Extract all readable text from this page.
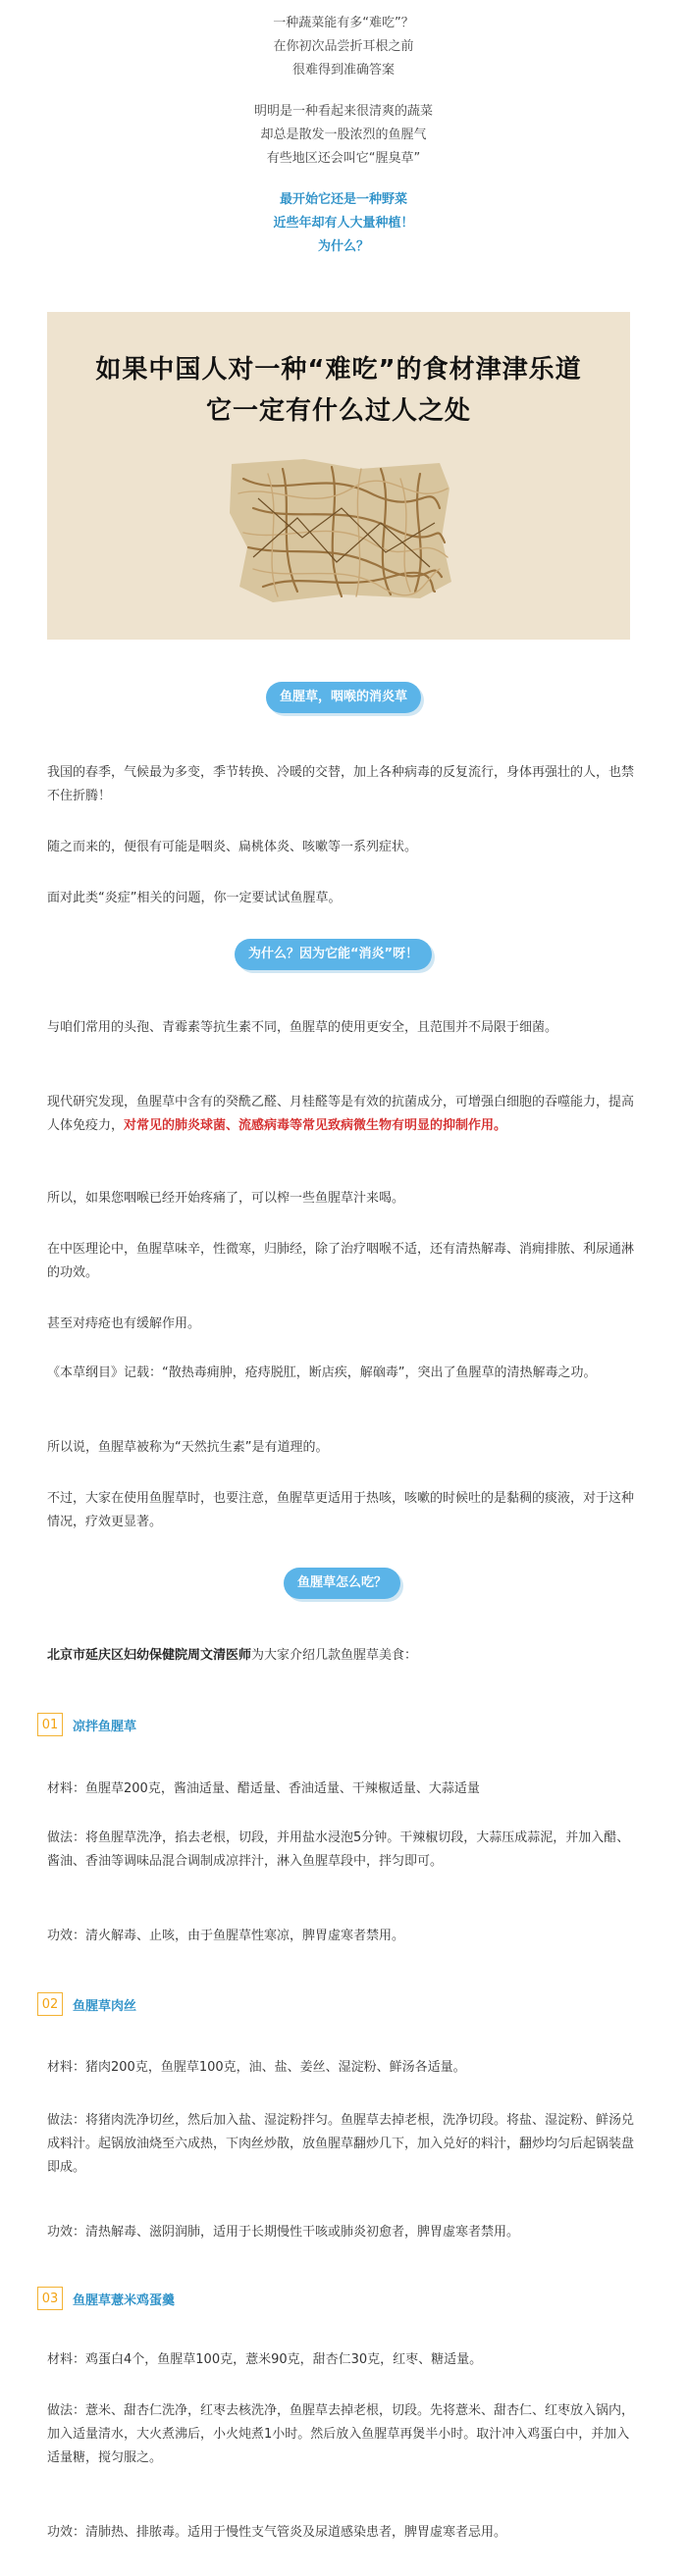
一种蔬菜能有多“难吃”？

在你初次品尝折耳根之前

很难得到准确答案

明明是一种看起来很清爽的蔬菜

却总是散发一股浓烈的鱼腥气

有些地区还会叫它“腥臭草”

最开始它还是一种野菜

近些年却有人大量种植！

为什么？

如果中国人对一种“难吃”的食材津津乐道
它一定有什么过人之处
鱼腥草，咽喉的消炎草
我国的春季，气候最为多变，季节转换、冷暖的交替，加上各种病毒的反复流行，身体再强壮的人，也禁不住折腾！
随之而来的，便很有可能是咽炎、扁桃体炎、咳嗽等一系列症状。
面对此类“炎症”相关的问题，你一定要试试鱼腥草。
为什么？因为它能“消炎”呀！
与咱们常用的头孢、青霉素等抗生素不同，鱼腥草的使用更安全，且范围并不局限于细菌。
现代研究发现，鱼腥草中含有的癸酰乙醛、月桂醛等是有效的抗菌成分，可增强白细胞的吞噬能力，提高人体免疫力，对常见的肺炎球菌、流感病毒等常见致病微生物有明显的抑制作用。
所以，如果您咽喉已经开始疼痛了，可以榨一些鱼腥草汁来喝。
在中医理论中，鱼腥草味辛，性微寒，归肺经，除了治疗咽喉不适，还有清热解毒、消痈排脓、利尿通淋的功效。
甚至对痔疮也有缓解作用。
《本草纲目》记载：“散热毒痈肿，疮痔脱肛，断店疾，解硇毒”，突出了鱼腥草的清热解毒之功。
所以说，鱼腥草被称为“天然抗生素”是有道理的。
不过，大家在使用鱼腥草时，也要注意，鱼腥草更适用于热咳，咳嗽的时候吐的是黏稠的痰液，对于这种情况，疗效更显著。
鱼腥草怎么吃？
北京市延庆区妇幼保健院周文清医师为大家介绍几款鱼腥草美食：
01	凉拌鱼腥草
材料：鱼腥草200克，酱油适量、醋适量、香油适量、干辣椒适量、大蒜适量
做法：将鱼腥草洗净，掐去老根，切段，并用盐水浸泡5分钟。干辣椒切段，大蒜压成蒜泥，并加入醋、酱油、香油等调味品混合调制成凉拌汁，淋入鱼腥草段中，拌匀即可。
功效：清火解毒、止咳，由于鱼腥草性寒凉，脾胃虚寒者禁用。
02	鱼腥草肉丝
材料：猪肉200克，鱼腥草100克，油、盐、姜丝、湿淀粉、鲜汤各适量。
做法：将猪肉洗净切丝，然后加入盐、湿淀粉拌匀。鱼腥草去掉老根，洗净切段。将盐、湿淀粉、鲜汤兑成料汁。起锅放油烧至六成热，下肉丝炒散，放鱼腥草翻炒几下，加入兑好的料汁，翻炒均匀后起锅装盘即成。
功效：清热解毒、滋阴润肺，适用于长期慢性干咳或肺炎初愈者，脾胃虚寒者禁用。
03	鱼腥草薏米鸡蛋羹
材料：鸡蛋白4个，鱼腥草100克，薏米90克，甜杏仁30克，红枣、糖适量。
做法：薏米、甜杏仁洗净，红枣去核洗净，鱼腥草去掉老根，切段。先将薏米、甜杏仁、红枣放入锅内，加入适量清水，大火煮沸后，小火炖煮1小时。然后放入鱼腥草再煲半小时。取汁冲入鸡蛋白中，并加入适量糖，搅匀服之。
功效：清肺热、排脓毒。适用于慢性支气管炎及尿道感染患者，脾胃虚寒者忌用。
